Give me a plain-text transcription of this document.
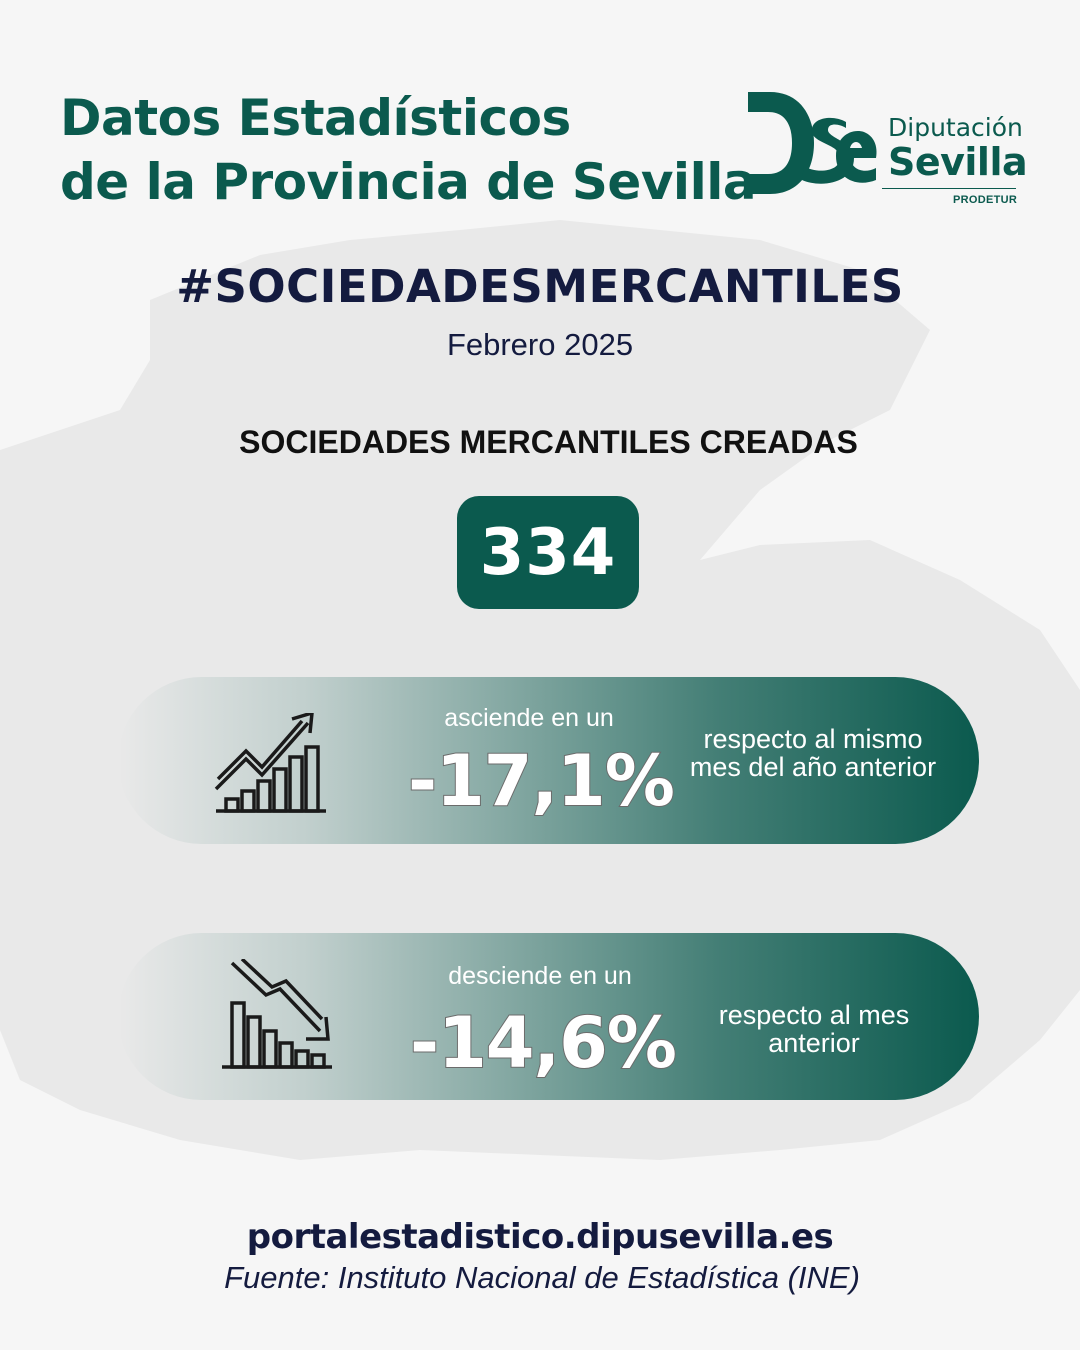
Datos Estadísticos
de la Provincia de Sevilla
Diputación
Sevilla
PRODETUR
#SOCIEDADESMERCANTILES
Febrero 2025
SOCIEDADES MERCANTILES CREADAS
334
asciende en un
-17,1%
respecto al mismo mes del año anterior
desciende en un
-14,6%	respecto al mes anterior
portalestadistico.dipusevilla.es
Fuente: Instituto Nacional de Estadística (INE)
